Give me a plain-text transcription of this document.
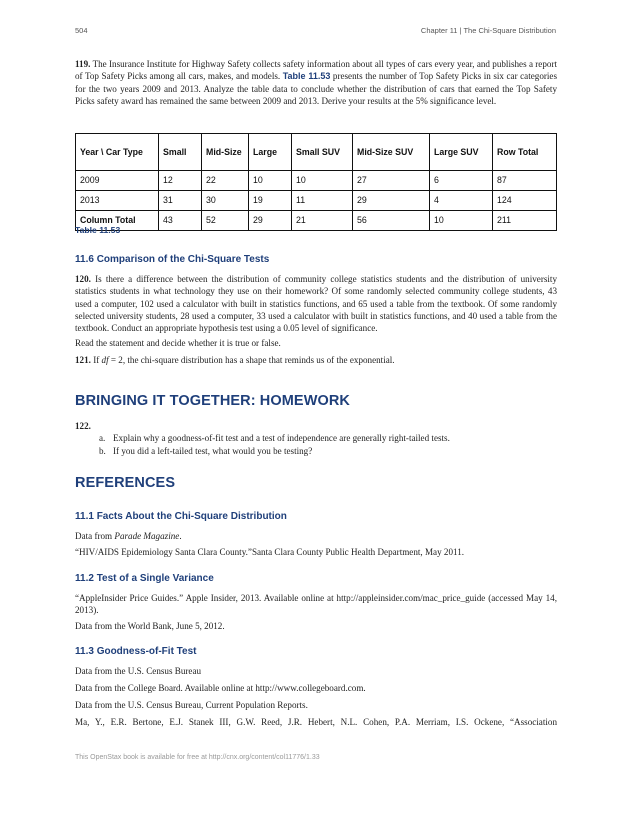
504	Chapter 11 | The Chi-Square Distribution
119. The Insurance Institute for Highway Safety collects safety information about all types of cars every year, and publishes a report of Top Safety Picks among all cars, makes, and models. Table 11.53 presents the number of Top Safety Picks in six car categories for the two years 2009 and 2013. Analyze the table data to conclude whether the distribution of cars that earned the Top Safety Picks safety award has remained the same between 2009 and 2013. Derive your results at the 5% significance level.
Year \ Car Type	Small	Mid-Size	Large	Small SUV	Mid-Size SUV	Large SUV	Row Total
2009	12	22	10	10	27	6	87
2013	31	30	19	11	29	4	124
Column Total	43	52	29	21	56	10	211
Table 11.53
11.6 Comparison of the Chi-Square Tests
120. Is there a difference between the distribution of community college statistics students and the distribution of university statistics students in what technology they use on their homework? Of some randomly selected community college students, 43 used a computer, 102 used a calculator with built in statistics functions, and 65 used a table from the textbook. Of some randomly selected university students, 28 used a computer, 33 used a calculator with built in statistics functions, and 40 used a table from the textbook. Conduct an appropriate hypothesis test using a 0.05 level of significance.
Read the statement and decide whether it is true or false.
121. If df = 2, the chi-square distribution has a shape that reminds us of the exponential.
BRINGING IT TOGETHER: HOMEWORK
122.
a. Explain why a goodness-of-fit test and a test of independence are generally right-tailed tests.
b. If you did a left-tailed test, what would you be testing?
REFERENCES
11.1 Facts About the Chi-Square Distribution
Data from Parade Magazine.
“HIV/AIDS Epidemiology Santa Clara County.”Santa Clara County Public Health Department, May 2011.
11.2 Test of a Single Variance
“AppleInsider Price Guides.” Apple Insider, 2013. Available online at http://appleinsider.com/mac_price_guide (accessed May 14, 2013).
Data from the World Bank, June 5, 2012.
11.3 Goodness-of-Fit Test
Data from the U.S. Census Bureau
Data from the College Board. Available online at http://www.collegeboard.com.
Data from the U.S. Census Bureau, Current Population Reports.
Ma, Y., E.R. Bertone, E.J. Stanek III, G.W. Reed, J.R. Hebert, N.L. Cohen, P.A. Merriam, I.S. Ockene, “Association
This OpenStax book is available for free at http://cnx.org/content/col11776/1.33
